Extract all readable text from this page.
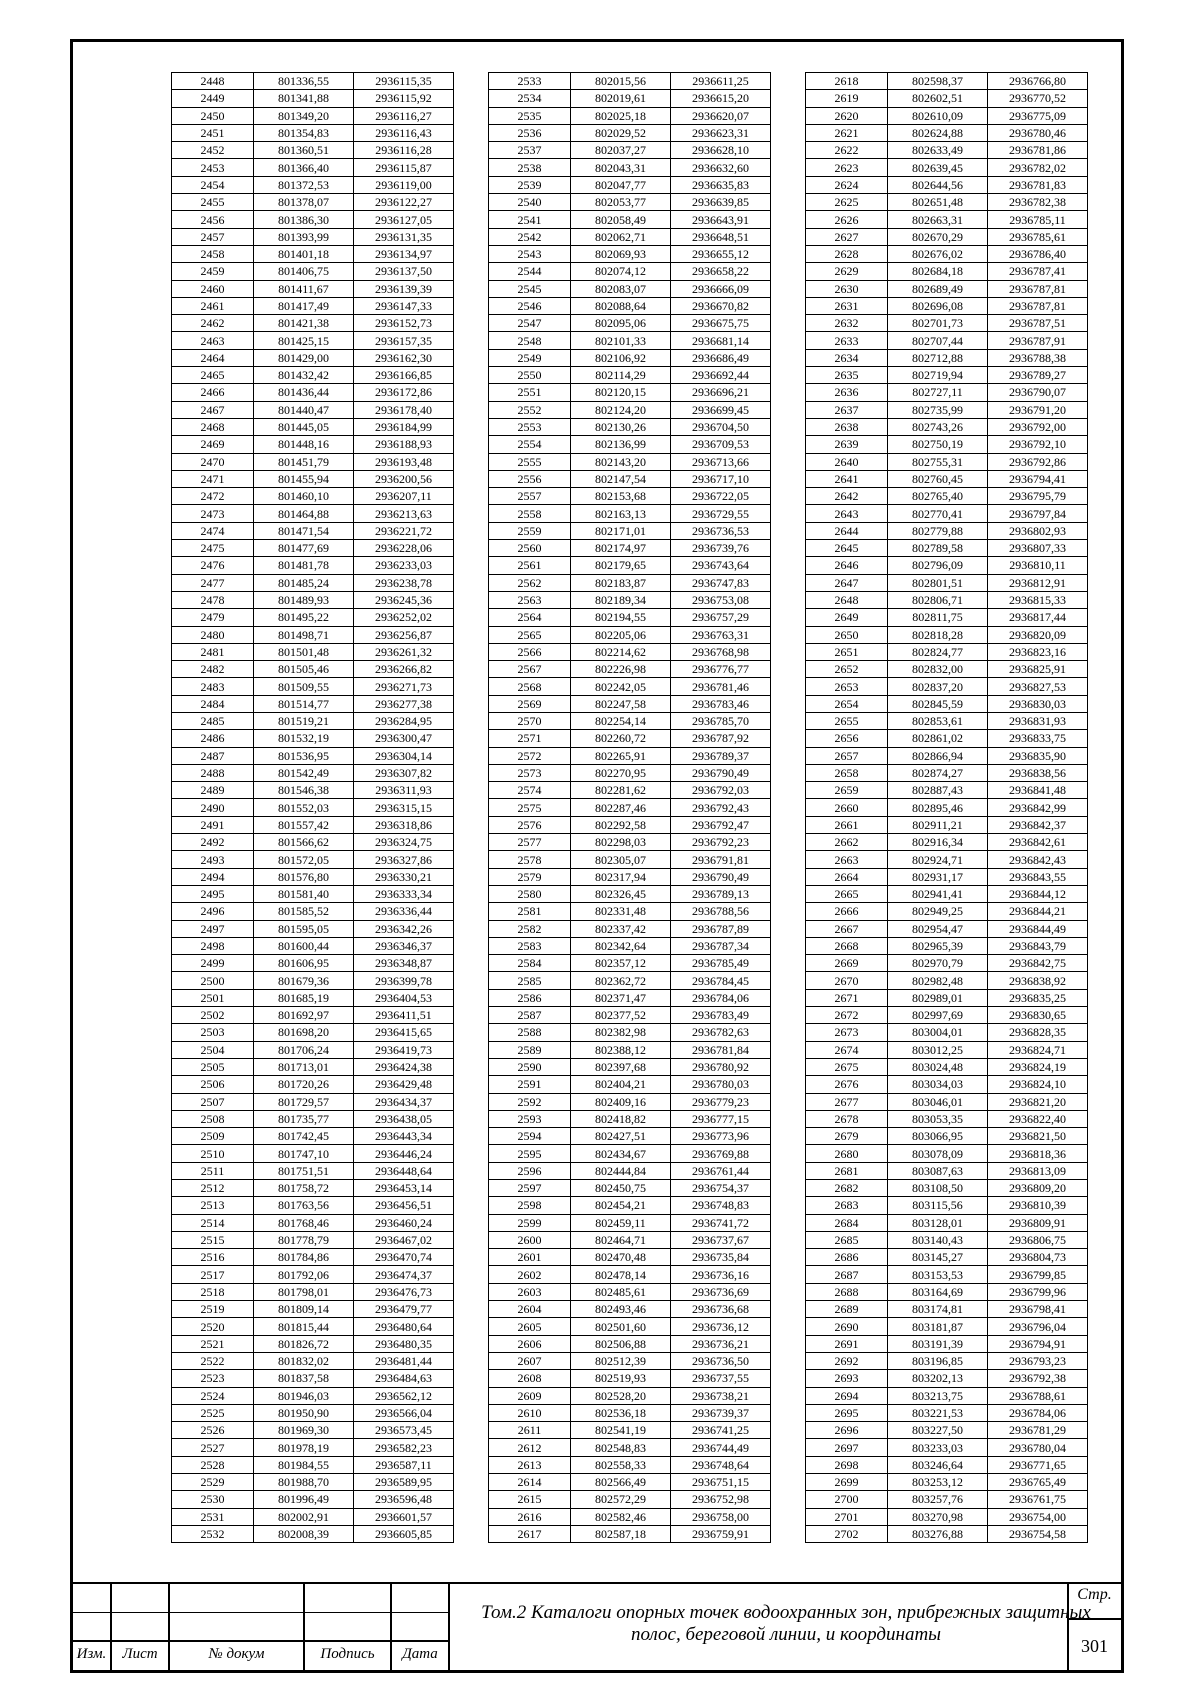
2448	801336,55	2936115,35
2449	801341,88	2936115,92
2450	801349,20	2936116,27
2451	801354,83	2936116,43
2452	801360,51	2936116,28
2453	801366,40	2936115,87
2454	801372,53	2936119,00
2455	801378,07	2936122,27
2456	801386,30	2936127,05
2457	801393,99	2936131,35
2458	801401,18	2936134,97
2459	801406,75	2936137,50
2460	801411,67	2936139,39
2461	801417,49	2936147,33
2462	801421,38	2936152,73
2463	801425,15	2936157,35
2464	801429,00	2936162,30
2465	801432,42	2936166,85
2466	801436,44	2936172,86
2467	801440,47	2936178,40
2468	801445,05	2936184,99
2469	801448,16	2936188,93
2470	801451,79	2936193,48
2471	801455,94	2936200,56
2472	801460,10	2936207,11
2473	801464,88	2936213,63
2474	801471,54	2936221,72
2475	801477,69	2936228,06
2476	801481,78	2936233,03
2477	801485,24	2936238,78
2478	801489,93	2936245,36
2479	801495,22	2936252,02
2480	801498,71	2936256,87
2481	801501,48	2936261,32
2482	801505,46	2936266,82
2483	801509,55	2936271,73
2484	801514,77	2936277,38
2485	801519,21	2936284,95
2486	801532,19	2936300,47
2487	801536,95	2936304,14
2488	801542,49	2936307,82
2489	801546,38	2936311,93
2490	801552,03	2936315,15
2491	801557,42	2936318,86
2492	801566,62	2936324,75
2493	801572,05	2936327,86
2494	801576,80	2936330,21
2495	801581,40	2936333,34
2496	801585,52	2936336,44
2497	801595,05	2936342,26
2498	801600,44	2936346,37
2499	801606,95	2936348,87
2500	801679,36	2936399,78
2501	801685,19	2936404,53
2502	801692,97	2936411,51
2503	801698,20	2936415,65
2504	801706,24	2936419,73
2505	801713,01	2936424,38
2506	801720,26	2936429,48
2507	801729,57	2936434,37
2508	801735,77	2936438,05
2509	801742,45	2936443,34
2510	801747,10	2936446,24
2511	801751,51	2936448,64
2512	801758,72	2936453,14
2513	801763,56	2936456,51
2514	801768,46	2936460,24
2515	801778,79	2936467,02
2516	801784,86	2936470,74
2517	801792,06	2936474,37
2518	801798,01	2936476,73
2519	801809,14	2936479,77
2520	801815,44	2936480,64
2521	801826,72	2936480,35
2522	801832,02	2936481,44
2523	801837,58	2936484,63
2524	801946,03	2936562,12
2525	801950,90	2936566,04
2526	801969,30	2936573,45
2527	801978,19	2936582,23
2528	801984,55	2936587,11
2529	801988,70	2936589,95
2530	801996,49	2936596,48
2531	802002,91	2936601,57
2532	802008,39	2936605,85
2533	802015,56	2936611,25
2534	802019,61	2936615,20
2535	802025,18	2936620,07
2536	802029,52	2936623,31
2537	802037,27	2936628,10
2538	802043,31	2936632,60
2539	802047,77	2936635,83
2540	802053,77	2936639,85
2541	802058,49	2936643,91
2542	802062,71	2936648,51
2543	802069,93	2936655,12
2544	802074,12	2936658,22
2545	802083,07	2936666,09
2546	802088,64	2936670,82
2547	802095,06	2936675,75
2548	802101,33	2936681,14
2549	802106,92	2936686,49
2550	802114,29	2936692,44
2551	802120,15	2936696,21
2552	802124,20	2936699,45
2553	802130,26	2936704,50
2554	802136,99	2936709,53
2555	802143,20	2936713,66
2556	802147,54	2936717,10
2557	802153,68	2936722,05
2558	802163,13	2936729,55
2559	802171,01	2936736,53
2560	802174,97	2936739,76
2561	802179,65	2936743,64
2562	802183,87	2936747,83
2563	802189,34	2936753,08
2564	802194,55	2936757,29
2565	802205,06	2936763,31
2566	802214,62	2936768,98
2567	802226,98	2936776,77
2568	802242,05	2936781,46
2569	802247,58	2936783,46
2570	802254,14	2936785,70
2571	802260,72	2936787,92
2572	802265,91	2936789,37
2573	802270,95	2936790,49
2574	802281,62	2936792,03
2575	802287,46	2936792,43
2576	802292,58	2936792,47
2577	802298,03	2936792,23
2578	802305,07	2936791,81
2579	802317,94	2936790,49
2580	802326,45	2936789,13
2581	802331,48	2936788,56
2582	802337,42	2936787,89
2583	802342,64	2936787,34
2584	802357,12	2936785,49
2585	802362,72	2936784,45
2586	802371,47	2936784,06
2587	802377,52	2936783,49
2588	802382,98	2936782,63
2589	802388,12	2936781,84
2590	802397,68	2936780,92
2591	802404,21	2936780,03
2592	802409,16	2936779,23
2593	802418,82	2936777,15
2594	802427,51	2936773,96
2595	802434,67	2936769,88
2596	802444,84	2936761,44
2597	802450,75	2936754,37
2598	802454,21	2936748,83
2599	802459,11	2936741,72
2600	802464,71	2936737,67
2601	802470,48	2936735,84
2602	802478,14	2936736,16
2603	802485,61	2936736,69
2604	802493,46	2936736,68
2605	802501,60	2936736,12
2606	802506,88	2936736,21
2607	802512,39	2936736,50
2608	802519,93	2936737,55
2609	802528,20	2936738,21
2610	802536,18	2936739,37
2611	802541,19	2936741,25
2612	802548,83	2936744,49
2613	802558,33	2936748,64
2614	802566,49	2936751,15
2615	802572,29	2936752,98
2616	802582,46	2936758,00
2617	802587,18	2936759,91
2618	802598,37	2936766,80
2619	802602,51	2936770,52
2620	802610,09	2936775,09
2621	802624,88	2936780,46
2622	802633,49	2936781,86
2623	802639,45	2936782,02
2624	802644,56	2936781,83
2625	802651,48	2936782,38
2626	802663,31	2936785,11
2627	802670,29	2936785,61
2628	802676,02	2936786,40
2629	802684,18	2936787,41
2630	802689,49	2936787,81
2631	802696,08	2936787,81
2632	802701,73	2936787,51
2633	802707,44	2936787,91
2634	802712,88	2936788,38
2635	802719,94	2936789,27
2636	802727,11	2936790,07
2637	802735,99	2936791,20
2638	802743,26	2936792,00
2639	802750,19	2936792,10
2640	802755,31	2936792,86
2641	802760,45	2936794,41
2642	802765,40	2936795,79
2643	802770,41	2936797,84
2644	802779,88	2936802,93
2645	802789,58	2936807,33
2646	802796,09	2936810,11
2647	802801,51	2936812,91
2648	802806,71	2936815,33
2649	802811,75	2936817,44
2650	802818,28	2936820,09
2651	802824,77	2936823,16
2652	802832,00	2936825,91
2653	802837,20	2936827,53
2654	802845,59	2936830,03
2655	802853,61	2936831,93
2656	802861,02	2936833,75
2657	802866,94	2936835,90
2658	802874,27	2936838,56
2659	802887,43	2936841,48
2660	802895,46	2936842,99
2661	802911,21	2936842,37
2662	802916,34	2936842,61
2663	802924,71	2936842,43
2664	802931,17	2936843,55
2665	802941,41	2936844,12
2666	802949,25	2936844,21
2667	802954,47	2936844,49
2668	802965,39	2936843,79
2669	802970,79	2936842,75
2670	802982,48	2936838,92
2671	802989,01	2936835,25
2672	802997,69	2936830,65
2673	803004,01	2936828,35
2674	803012,25	2936824,71
2675	803024,48	2936824,19
2676	803034,03	2936824,10
2677	803046,01	2936821,20
2678	803053,35	2936822,40
2679	803066,95	2936821,50
2680	803078,09	2936818,36
2681	803087,63	2936813,09
2682	803108,50	2936809,20
2683	803115,56	2936810,39
2684	803128,01	2936809,91
2685	803140,43	2936806,75
2686	803145,27	2936804,73
2687	803153,53	2936799,85
2688	803164,69	2936799,96
2689	803174,81	2936798,41
2690	803181,87	2936796,04
2691	803191,39	2936794,91
2692	803196,85	2936793,23
2693	803202,13	2936792,38
2694	803213,75	2936788,61
2695	803221,53	2936784,06
2696	803227,50	2936781,29
2697	803233,03	2936780,04
2698	803246,64	2936771,65
2699	803253,12	2936765,49
2700	803257,76	2936761,75
2701	803270,98	2936754,00
2702	803276,88	2936754,58
Изм.	Лист	№ докум	Подпись	Дата
Том.2 Каталоги опорных точек водоохранных зон, прибрежных защитных полос, береговой линии, и координаты
Стр.
301
